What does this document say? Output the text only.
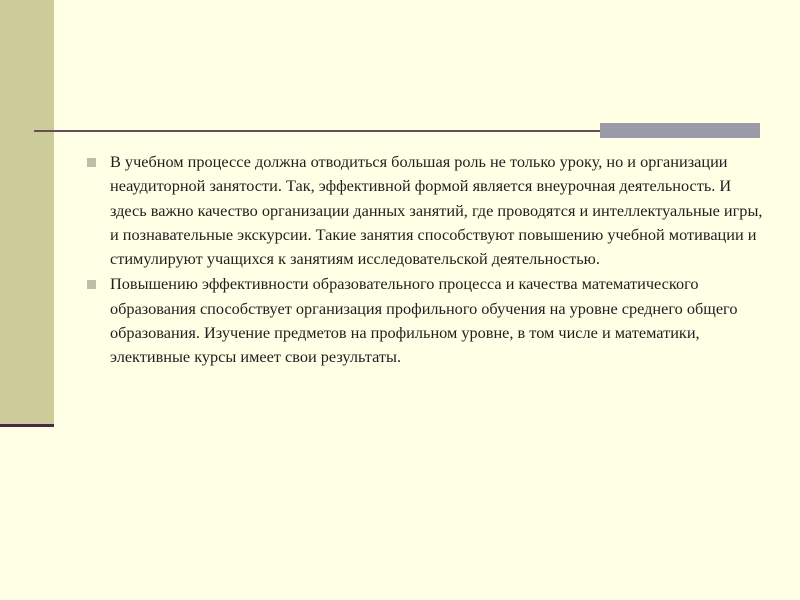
В учебном процессе должна отводиться большая роль не только уроку, но и организации неаудиторной занятости. Так, эффективной формой является внеурочная деятельность. И здесь важно качество организации данных занятий, где проводятся и интеллектуальные игры, и познавательные экскурсии. Такие занятия способствуют повышению учебной мотивации и стимулируют учащихся к занятиям исследовательской деятельностью.
Повышению эффективности образовательного процесса и качества математического образования способствует организация профильного обучения на уровне среднего общего образования. Изучение предметов на профильном уровне, в том числе и математики, элективные курсы имеет свои результаты.
